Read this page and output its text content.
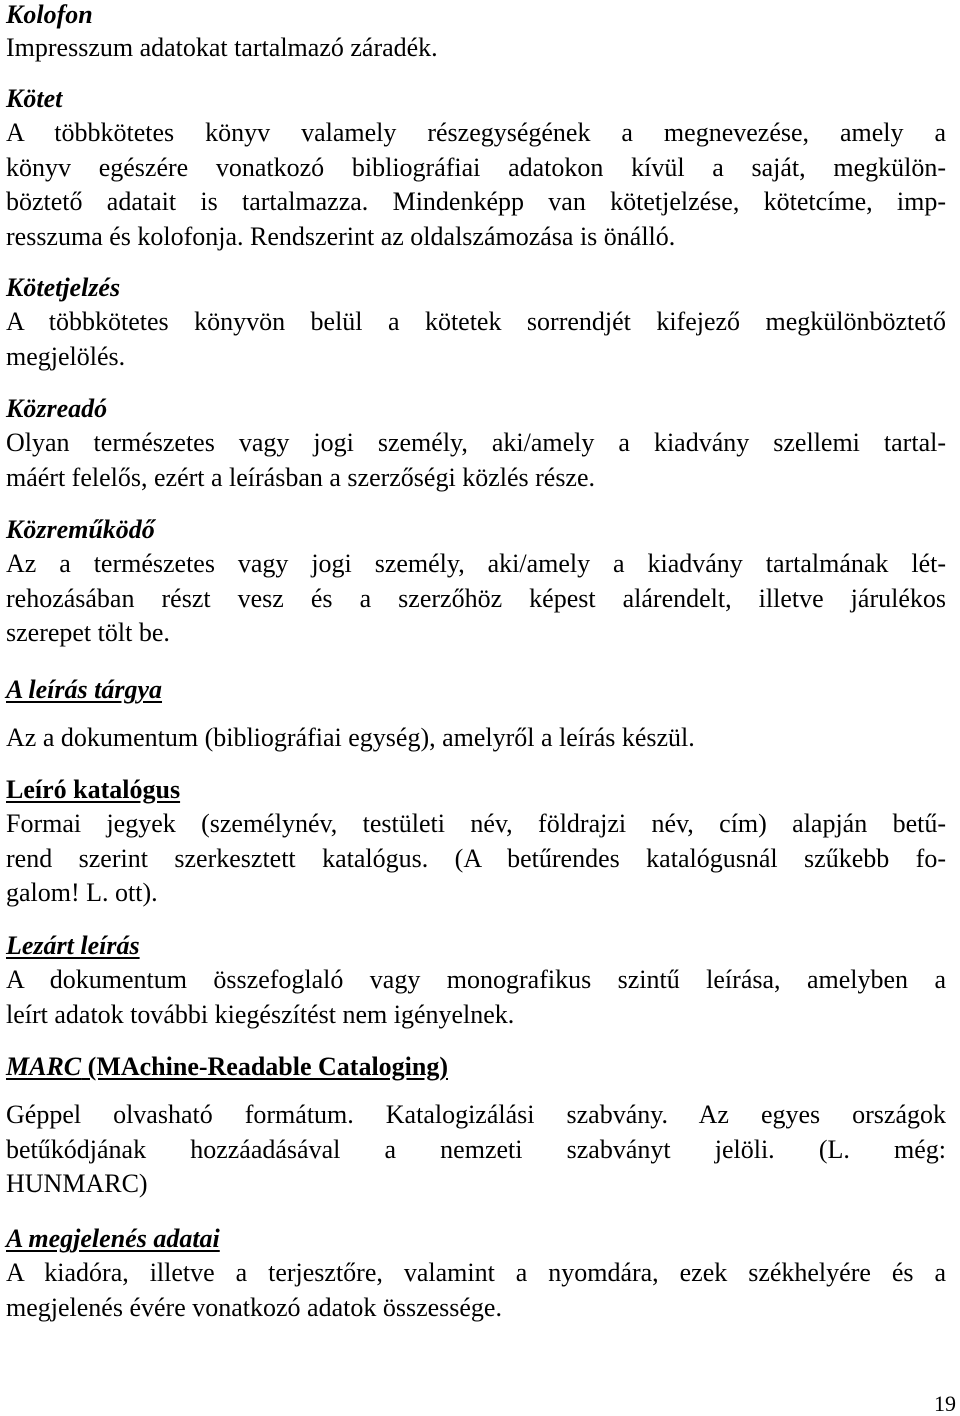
Kolofon

Impresszum adatokat tartalmazó záradék.

Kötet

A többkötetes könyv valamely részegységének a megnevezése, amely a
könyv egészére vonatkozó bibliográfiai adatokon kívül a saját, megkülön-
böztető adatait is tartalmazza. Mindenképp van kötetjelzése, kötetcíme, imp-
resszuma és kolofonja. Rendszerint az oldalszámozása is önálló.

Kötetjelzés

A többkötetes könyvön belül a kötetek sorrendjét kifejező megkülönböztető
megjelölés.

Közreadó

Olyan természetes vagy jogi személy, aki/amely a kiadvány szellemi tartal-
máért felelős, ezért a leírásban a szerzőségi közlés része.

Közreműködő

Az a természetes vagy jogi személy, aki/amely a kiadvány tartalmának lét-
rehozásában részt vesz és a szerzőhöz képest alárendelt, illetve járulékos
szerepet tölt be.

A leírás tárgya

Az a dokumentum (bibliográfiai egység), amelyről a leírás készül.

Leíró katalógus

Formai jegyek (személynév, testületi név, földrajzi név, cím) alapján betű-
rend szerint szerkesztett katalógus. (A betűrendes katalógusnál szűkebb fo-
galom! L. ott).

Lezárt leírás

A dokumentum összefoglaló vagy monografikus szintű leírása, amelyben a
leírt adatok további kiegészítést nem igényelnek.

MARC (MAchine-Readable Cataloging)

Géppel olvasható formátum. Katalogizálási szabvány. Az egyes országok
betűkódjának hozzáadásával a nemzeti szabványt jelöli. (L. még:
HUNMARC)

A megjelenés adatai

A kiadóra, illetve a terjesztőre, valamint a nyomdára, ezek székhelyére és a
megjelenés évére vonatkozó adatok összessége.
19
